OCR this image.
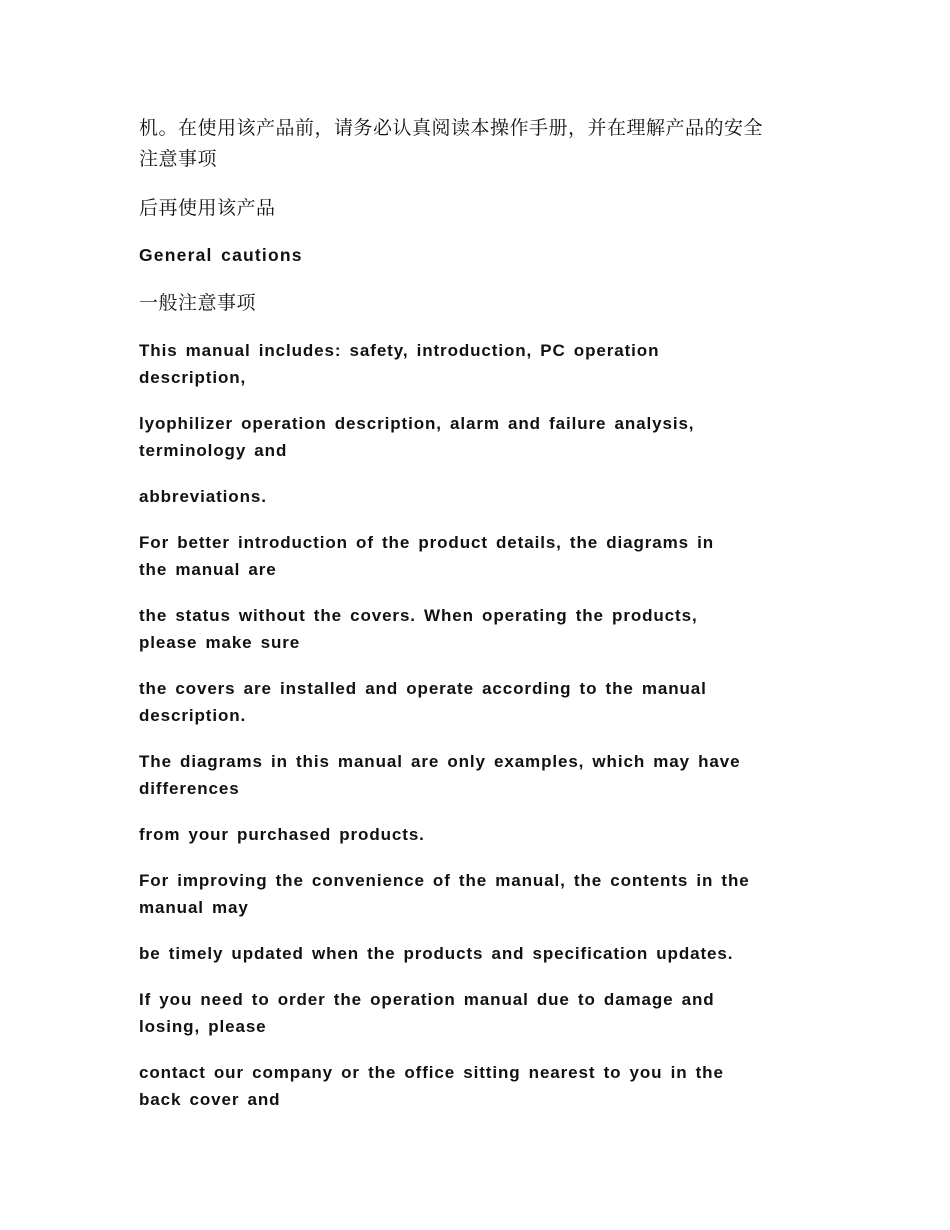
机。在使用该产品前，请务必认真阅读本操作手册，并在理解产品的安全
注意事项

后再使用该产品

General cautions

一般注意事项

This manual includes: safety, introduction, PC operation
description,

lyophilizer operation description, alarm and failure analysis,
terminology and

abbreviations.

For better introduction of the product details, the diagrams in
the manual are

the status without the covers. When operating the products,
please make sure

the covers are installed and operate according to the manual
description.

The diagrams in this manual are only examples, which may have
differences

from your purchased products.

For improving the convenience of the manual, the contents in the
manual may

be timely updated when the products and specification updates.

If you need to order the operation manual due to damage and
losing, please

contact our company or the office sitting nearest to you in the
back cover and
